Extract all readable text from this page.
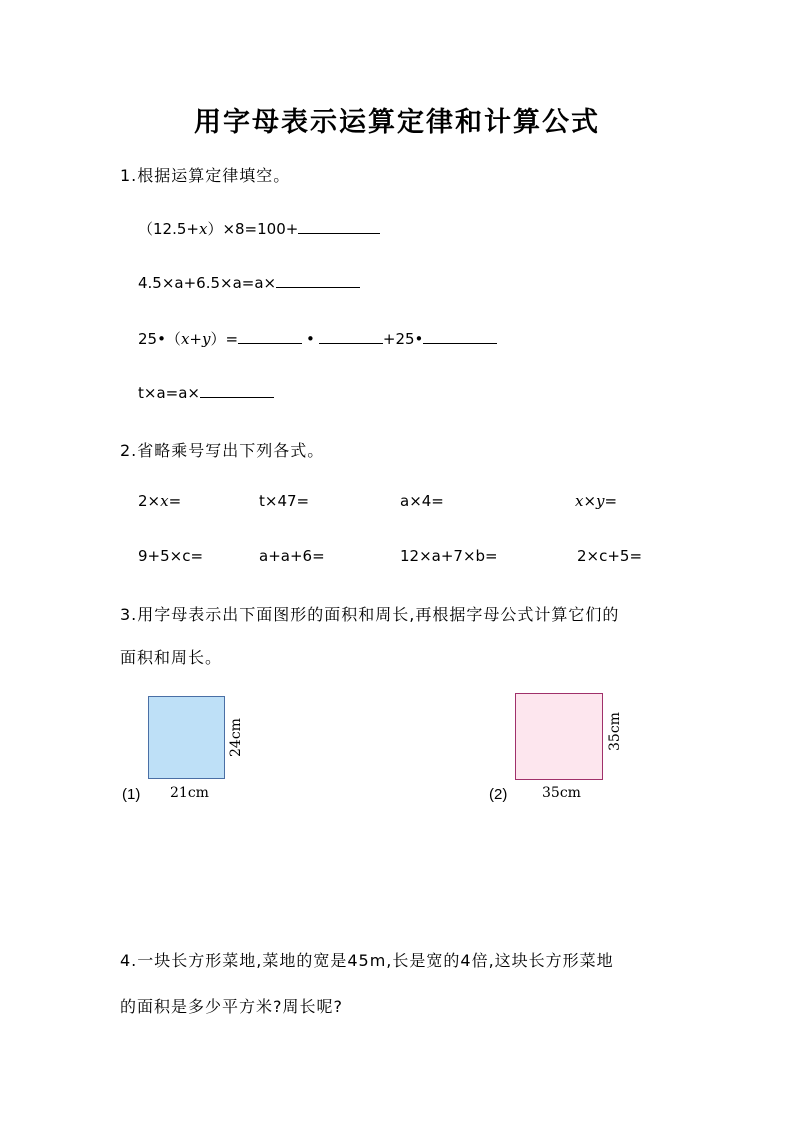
用字母表示运算定律和计算公式
1.根据运算定律填空。
（12.5+x）×8=100+
4.5×a+6.5×a=a×
25•（x+y）=	•	+25•
t×a=a×
2.省略乘号写出下列各式。
2×x=	t×47=	a×4=	x×y=
9+5×c=	a+a+6=	12×a+7×b=	2×c+5=
3.用字母表示出下面图形的面积和周长,再根据字母公式计算它们的
面积和周长。
24cm
(1) 21cm
35cm
(2) 35cm
4.一块长方形菜地,菜地的宽是45m,长是宽的4倍,这块长方形菜地
的面积是多少平方米?周长呢?
